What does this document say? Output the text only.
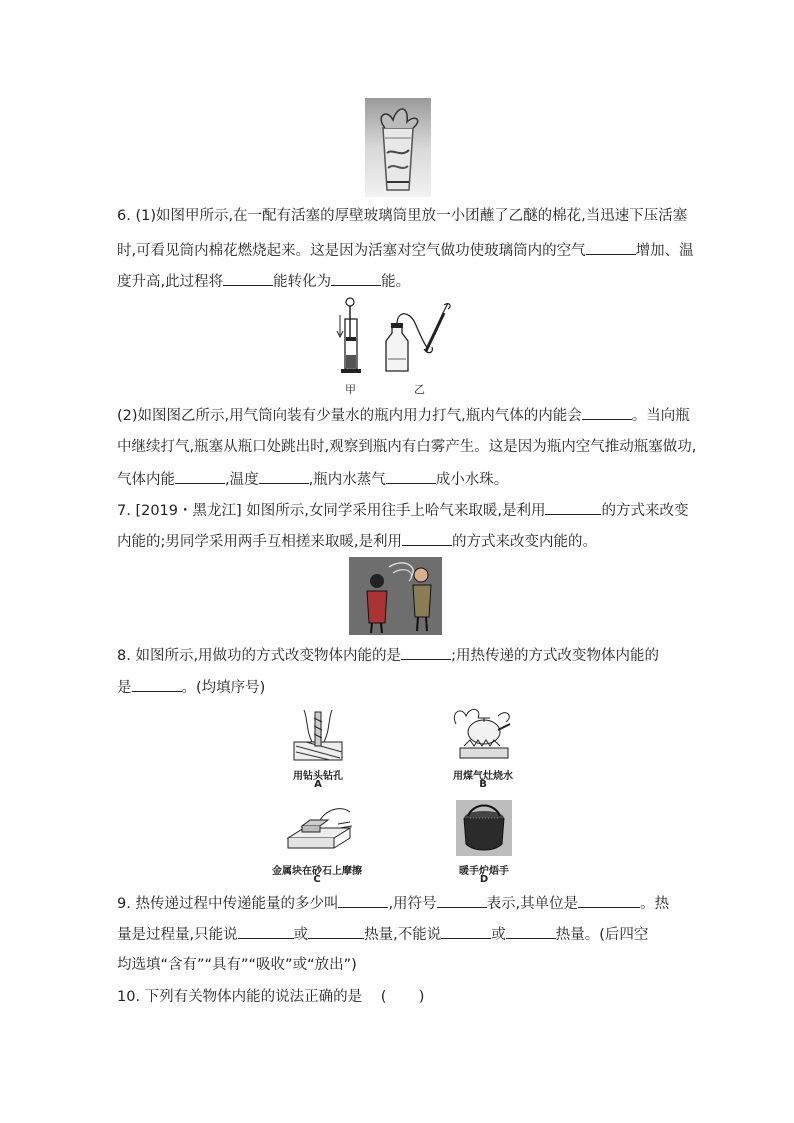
6. (1)如图甲所示,在一配有活塞的厚壁玻璃筒里放一小团蘸了乙醚的棉花,当迅速下压活塞
时,可看见筒内棉花燃烧起来。这是因为活塞对空气做功使玻璃筒内的空气	增加、温
度升高,此过程将	能转化为	能。
甲	乙
(2)如图图乙所示,用气筒向装有少量水的瓶内用力打气,瓶内气体的内能会	。当向瓶
中继续打气,瓶塞从瓶口处跳出时,观察到瓶内有白雾产生。这是因为瓶内空气推动瓶塞做功,
气体内能	,温度	,瓶内水蒸气	成小水珠。
7. [2019・黑龙江] 如图所示,女同学采用往手上哈气来取暖,是利用	的方式来改变
内能的;男同学采用两手互相搓来取暖,是利用	的方式来改变内能的。
8. 如图所示,用做功的方式改变物体内能的是	;用热传递的方式改变物体内能的
是	。(均填序号)
用钻头钻孔
A
用煤气灶烧水
B
金属块在砂石上摩擦
C
暖手炉焐手
D
9. 热传递过程中传递能量的多少叫	,用符号	表示,其单位是	。热
量是过程量,只能说	或	热量,不能说	或	热量。(后四空
均选填“含有”“具有”“吸收”或“放出”)
10. 下列有关物体内能的说法正确的是 (       )
